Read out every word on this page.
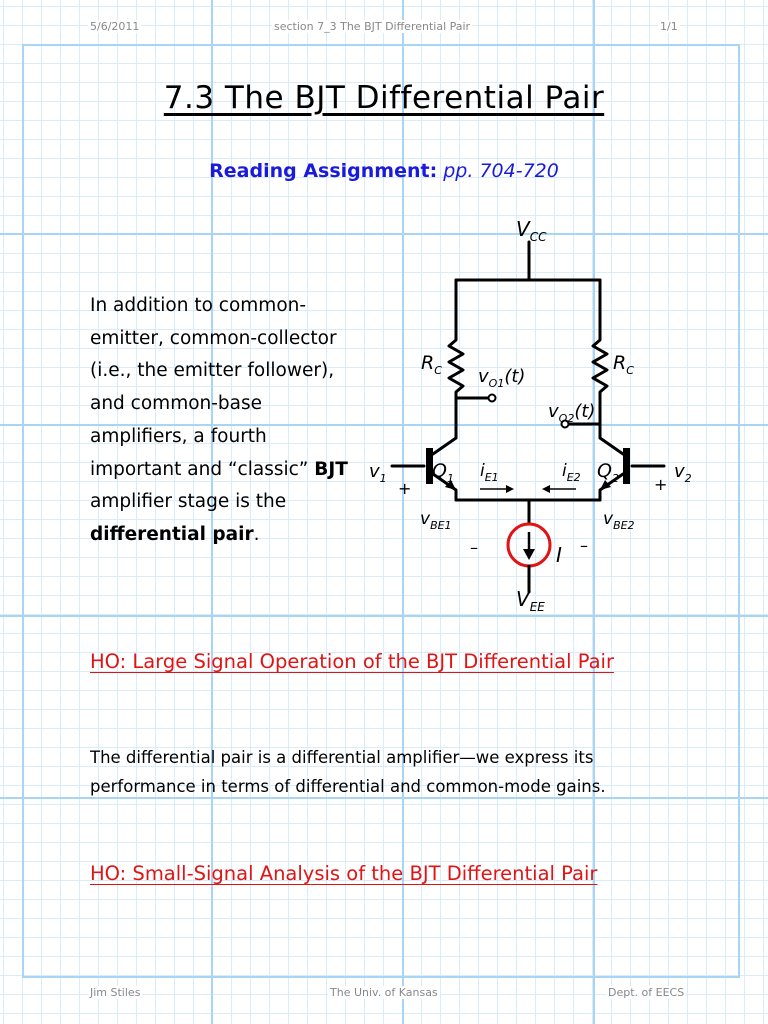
5/6/2011	section 7_3 The BJT Differential Pair	1/1
7.3 The BJT Differential Pair
Reading Assignment: pp. 704-720
In addition to common-emitter, common-collector (i.e., the emitter follower), and common-base amplifiers, a fourth important and “classic” BJT amplifier stage is the differential pair.
$V_{CC}$
$R_C$	$R_C$
$v_{O1}(t)$
$v_{O2}(t)$
$v_1$	$v_2$
$Q_1$	$Q_2$
$i_{E1}$	$i_{E2}$
$v_{BE1}$	$v_{BE2}$
+	+
–	–
I
$V_{EE}$
HO: Large Signal Operation of the BJT Differential Pair
The differential pair is a differential amplifier—we express its performance in terms of differential and common-mode gains.
HO: Small-Signal Analysis of the BJT Differential Pair
Jim Stiles	The Univ. of Kansas	Dept. of EECS
